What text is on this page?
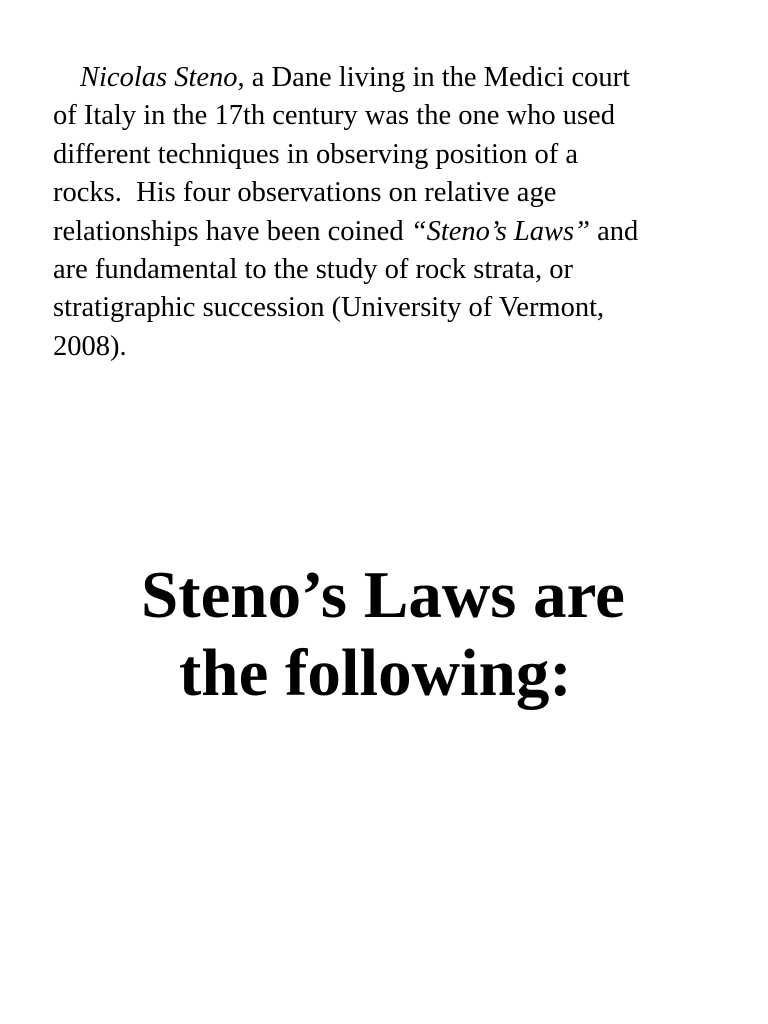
Nicolas Steno, a Dane living in the Medici court
of Italy in the 17th century was the one who used
different techniques in observing position of a
rocks.  His four observations on relative age
relationships have been coined “Steno’s Laws” and
are fundamental to the study of rock strata, or
stratigraphic succession (University of Vermont,
2008).

Steno’s Laws are
the following:
